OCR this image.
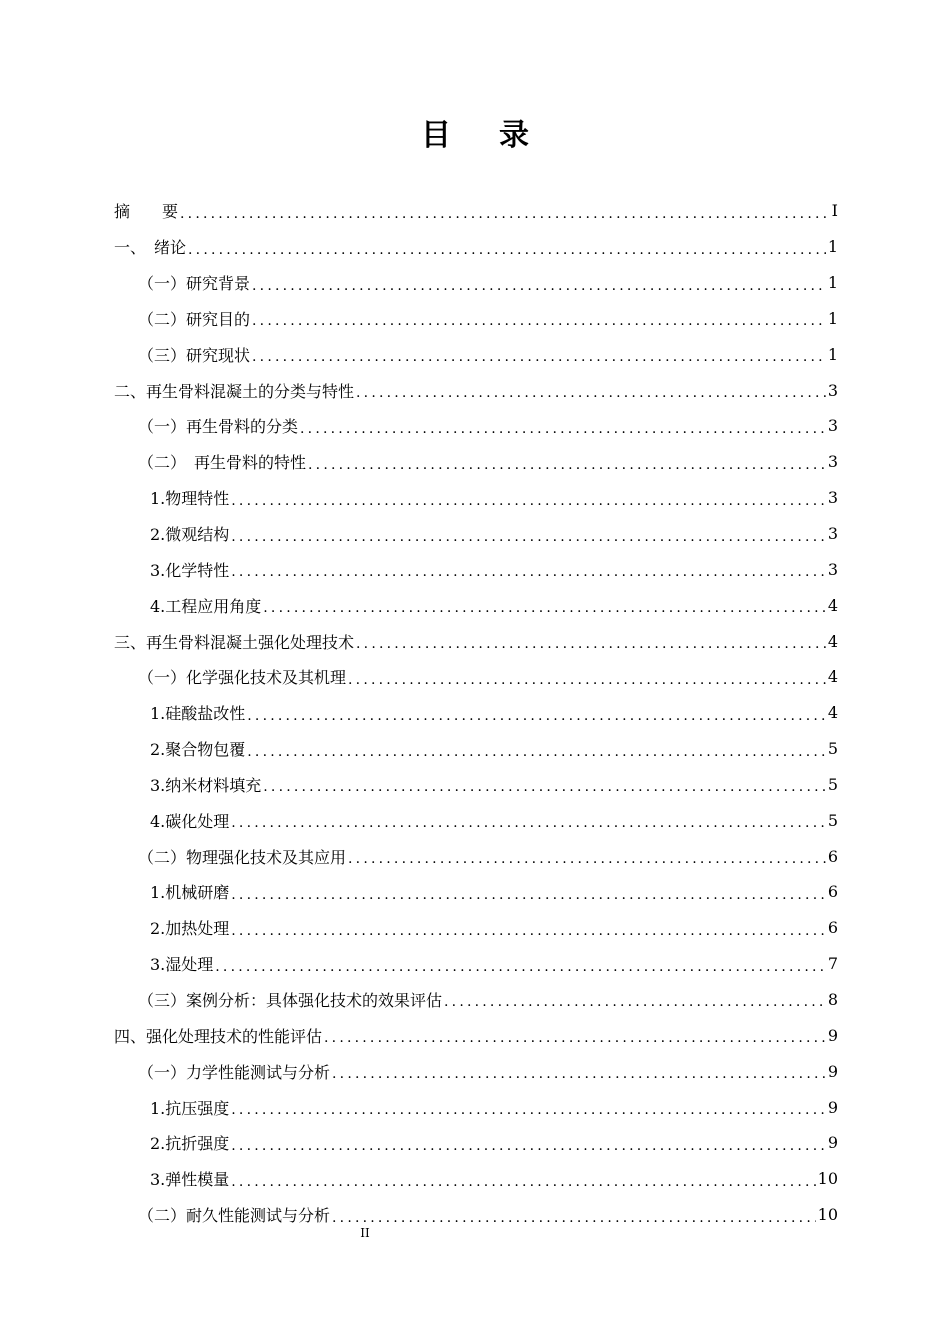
目 录
摘　　要 .....	I
一、　绪论 .....	1
（一）研究背景 .....	1
（二）研究目的 .....	1
（三）研究现状 .....	1
二、再生骨料混凝土的分类与特性 .....	3
（一）再生骨料的分类 .....	3
（二）　再生骨料的特性 .....	3
1.物理特性 .....	3
2.微观结构 .....	3
3.化学特性 .....	3
4.工程应用角度 .....	4
三、再生骨料混凝土强化处理技术 .....	4
（一）化学强化技术及其机理 .....	4
1.硅酸盐改性 .....	4
2.聚合物包覆 .....	5
3.纳米材料填充 .....	5
4.碳化处理 .....	5
（二）物理强化技术及其应用 .....	6
1.机械研磨 .....	6
2.加热处理 .....	6
3.湿处理 .....	7
（三）案例分析：具体强化技术的效果评估 .....	8
四、强化处理技术的性能评估 .....	9
（一）力学性能测试与分析 .....	9
1.抗压强度 .....	9
2.抗折强度 .....	9
3.弹性模量 .....	10
（二）耐久性能测试与分析 .....	10
II
